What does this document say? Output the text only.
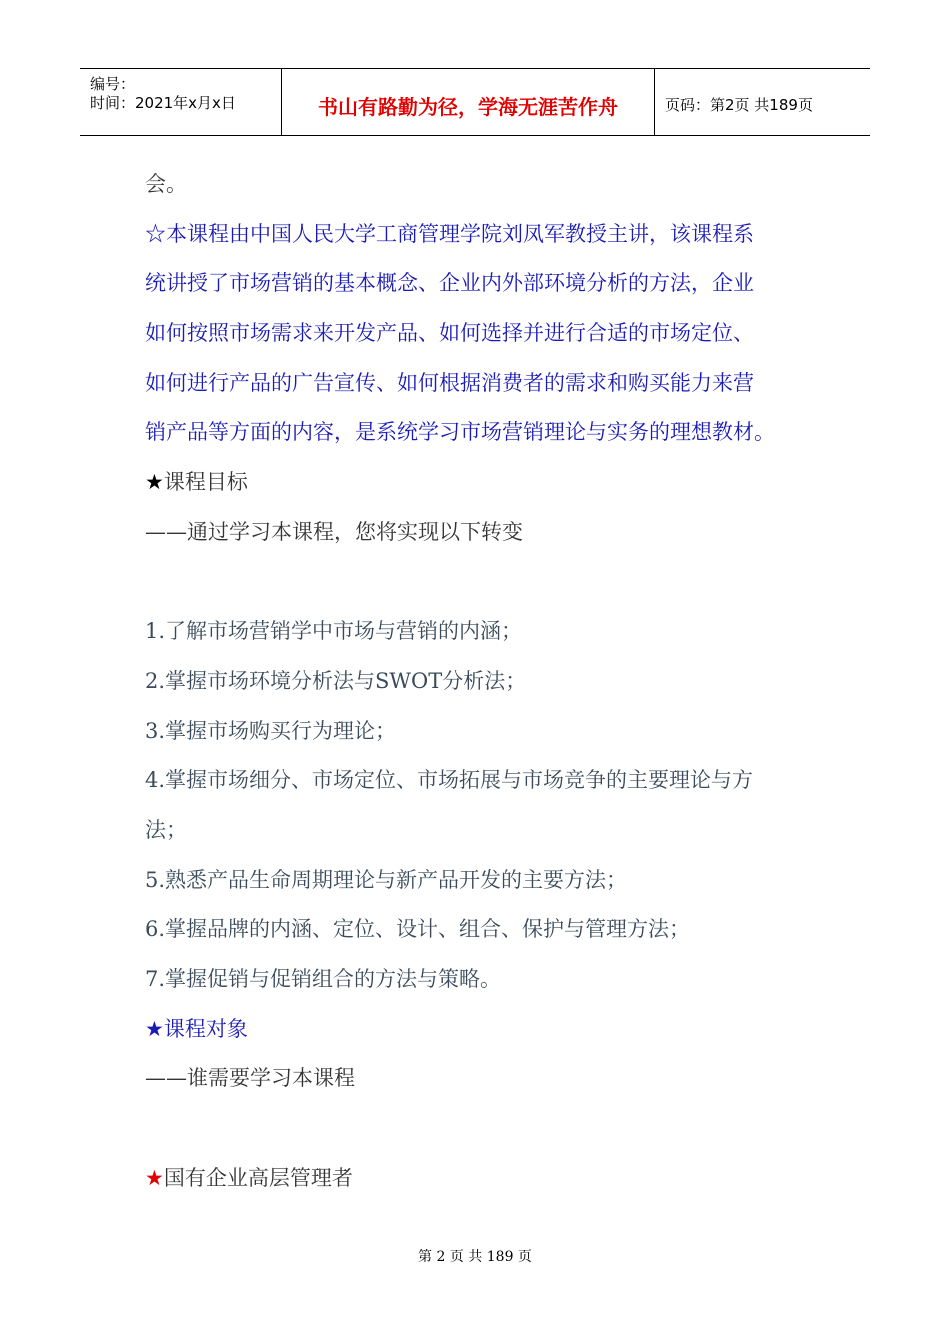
编号：
时间：2021年x月x日	书山有路勤为径，学海无涯苦作舟	页码：第2页 共189页
会。
☆本课程由中国人民大学工商管理学院刘凤军教授主讲，该课程系
统讲授了市场营销的基本概念、企业内外部环境分析的方法，企业
如何按照市场需求来开发产品、如何选择并进行合适的市场定位、
如何进行产品的广告宣传、如何根据消费者的需求和购买能力来营
销产品等方面的内容，是系统学习市场营销理论与实务的理想教材。
★课程目标
——通过学习本课程，您将实现以下转变
1.了解市场营销学中市场与营销的内涵；
2.掌握市场环境分析法与SWOT分析法；
3.掌握市场购买行为理论；
4.掌握市场细分、市场定位、市场拓展与市场竞争的主要理论与方
法；
5.熟悉产品生命周期理论与新产品开发的主要方法；
6.掌握品牌的内涵、定位、设计、组合、保护与管理方法；
7.掌握促销与促销组合的方法与策略。
★课程对象
——谁需要学习本课程
★国有企业高层管理者
第 2 页 共 189 页
